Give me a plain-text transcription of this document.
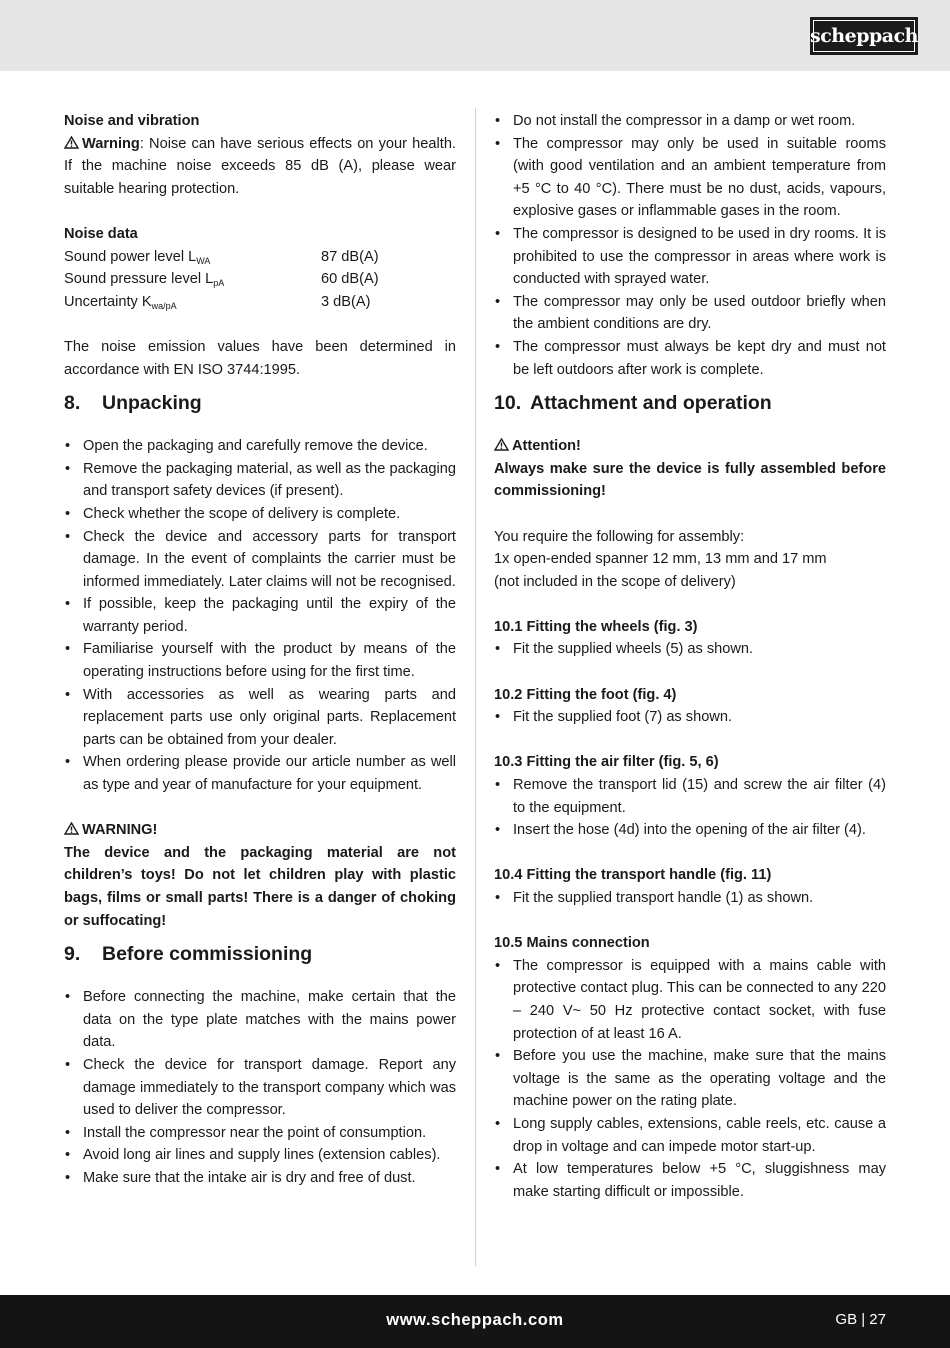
scheppach

Noise and vibration

Warning: Noise can have serious effects on your health. If the machine noise exceeds 85 dB (A), please wear suitable hearing protection.

Noise data

Sound power level $L_{WA}$	87 dB(A)
Sound pressure level $L_{pA}$	60 dB(A)
Uncertainty $K_{wa/pA}$	3 dB(A)

The noise emission values have been determined in accordance with EN ISO 3744:1995.

8. Unpacking
• Open the packaging and carefully remove the device.
• Remove the packaging material, as well as the packaging and transport safety devices (if present).
• Check whether the scope of delivery is complete.
• Check the device and accessory parts for transport damage. In the event of complaints the carrier must be informed immediately. Later claims will not be recognised.
• If possible, keep the packaging until the expiry of the warranty period.
• Familiarise yourself with the product by means of the operating instructions before using for the first time.
• With accessories as well as wearing parts and replacement parts use only original parts. Replacement parts can be obtained from your dealer.
• When ordering please provide our article number as well as type and year of manufacture for your equipment.

WARNING!

The device and the packaging material are not children’s toys! Do not let children play with plastic bags, films or small parts! There is a danger of choking or suffocating!

9. Before commissioning
• Before connecting the machine, make certain that the data on the type plate matches with the mains power data.
• Check the device for transport damage. Report any damage immediately to the transport company which was used to deliver the compressor.
• Install the compressor near the point of consumption.
• Avoid long air lines and supply lines (extension cables).
• Make sure that the intake air is dry and free of dust.
• Do not install the compressor in a damp or wet room.
• The compressor may only be used in suitable rooms (with good ventilation and an ambient temperature from +5 °C to 40 °C). There must be no dust, acids, vapours, explosive gases or inflammable gases in the room.
• The compressor is designed to be used in dry rooms. It is prohibited to use the compressor in areas where work is conducted with sprayed water.
• The compressor may only be used outdoor briefly when the ambient conditions are dry.
• The compressor must always be kept dry and must not be left outdoors after work is complete.
10. Attachment and operation

Attention!

Always make sure the device is fully assembled before commissioning!

You require the following for assembly:

1x open-ended spanner 12 mm, 13 mm and 17 mm

(not included in the scope of delivery)

10.1 Fitting the wheels (fig. 3)

• Fit the supplied wheels (5) as shown.

10.2 Fitting the foot (fig. 4)

• Fit the supplied foot (7) as shown.

10.3 Fitting the air filter (fig. 5, 6)

• Remove the transport lid (15) and screw the air filter (4) to the equipment.
• Insert the hose (4d) into the opening of the air filter (4).

10.4 Fitting the transport handle (fig. 11)

• Fit the supplied transport handle (1) as shown.

10.5 Mains connection

• The compressor is equipped with a mains cable with protective contact plug. This can be connected to any 220 – 240 V~ 50 Hz protective contact socket, with fuse protection of at least 16 A.
• Before you use the machine, make sure that the mains voltage is the same as the operating voltage and the machine power on the rating plate.
• Long supply cables, extensions, cable reels, etc. cause a drop in voltage and can impede motor start-up.
• At low temperatures below +5 °C, sluggishness may make starting difficult or impossible.
www.scheppach.com	GB | 27
